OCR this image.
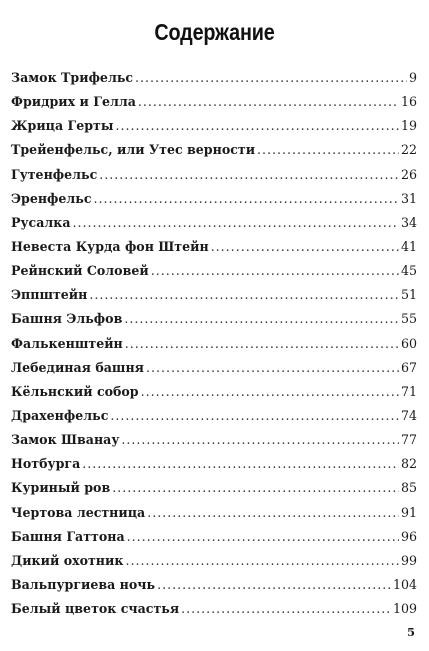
Содержание
Замок Трифельс .....	9
Фридрих и Гелла .....	16
Жрица Герты .....	19
Трейенфельс, или Утес верности .....	22
Гутенфельс .....	26
Эренфельс .....	31
Русалка .....	34
Невеста Курда фон Штейн .....	41
Рейнский Соловей .....	45
Эппштейн .....	51
Башня Эльфов .....	55
Фалькенштейн .....	60
Лебединая башня .....	67
Кёльнский собор .....	71
Драхенфельс .....	74
Замок Шванау .....	77
Нотбурга .....	82
Куриный ров .....	85
Чертова лестница .....	91
Башня Гаттона .....	96
Дикий охотник .....	99
Вальпургиева ночь .....	104
Белый цветок счастья .....	109
5
